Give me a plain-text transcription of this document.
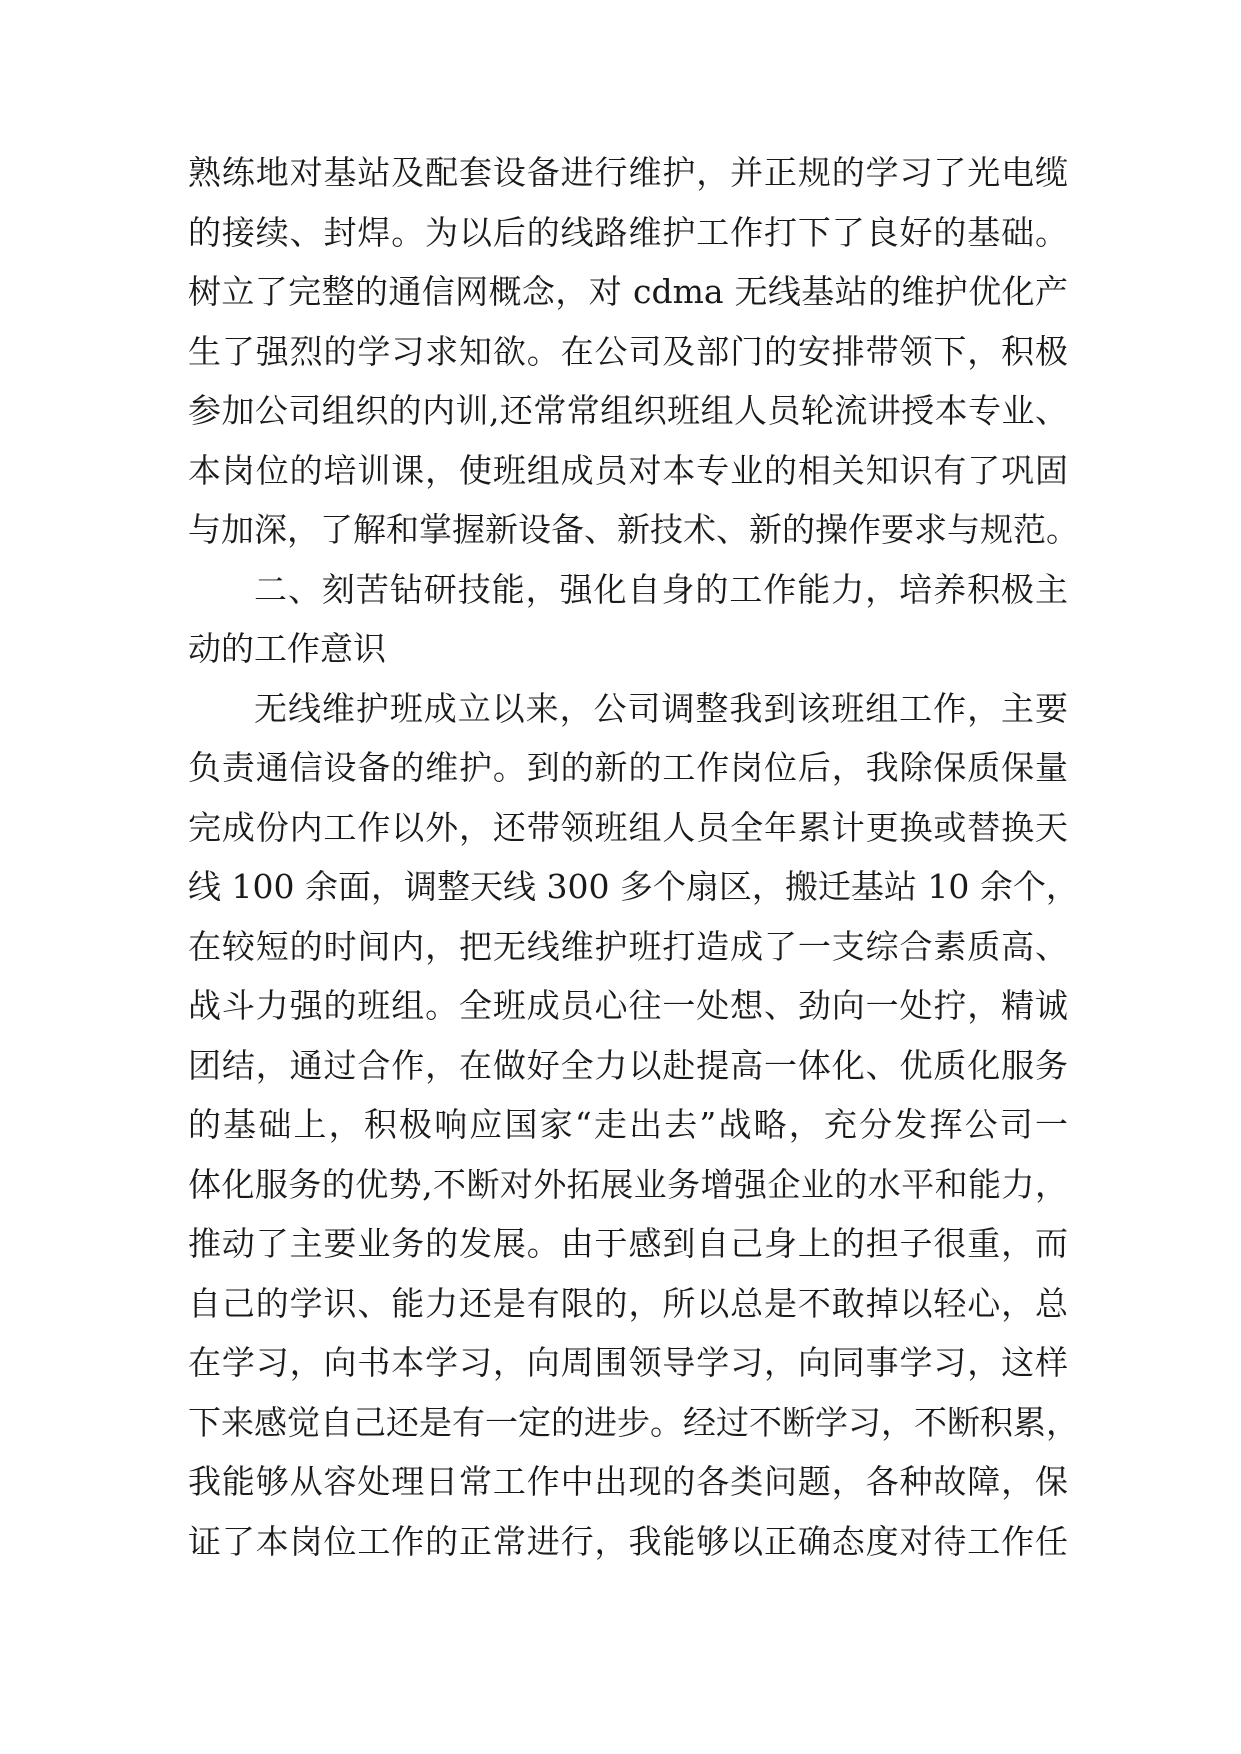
熟练地对基站及配套设备进行维护，并正规的学习了光电缆
的接续、封焊。为以后的线路维护工作打下了良好的基础。
树立了完整的通信网概念，对 cdma 无线基站的维护优化产
生了强烈的学习求知欲。在公司及部门的安排带领下，积极
参加公司组织的内训,还常常组织班组人员轮流讲授本专业、
本岗位的培训课，使班组成员对本专业的相关知识有了巩固
与加深，了解和掌握新设备、新技术、新的操作要求与规范。
二、刻苦钻研技能，强化自身的工作能力，培养积极主
动的工作意识
无线维护班成立以来，公司调整我到该班组工作，主要
负责通信设备的维护。到的新的工作岗位后，我除保质保量
完成份内工作以外，还带领班组人员全年累计更换或替换天
线 100 余面，调整天线 300 多个扇区，搬迁基站 10 余个，
在较短的时间内，把无线维护班打造成了一支综合素质高、
战斗力强的班组。全班成员心往一处想、劲向一处拧，精诚
团结，通过合作，在做好全力以赴提高一体化、优质化服务
的基础上，积极响应国家“走出去”战略，充分发挥公司一
体化服务的优势,不断对外拓展业务增强企业的水平和能力，
推动了主要业务的发展。由于感到自己身上的担子很重，而
自己的学识、能力还是有限的，所以总是不敢掉以轻心，总
在学习，向书本学习，向周围领导学习，向同事学习，这样
下来感觉自己还是有一定的进步。经过不断学习，不断积累，
我能够从容处理日常工作中出现的各类问题，各种故障，保
证了本岗位工作的正常进行，我能够以正确态度对待工作任
